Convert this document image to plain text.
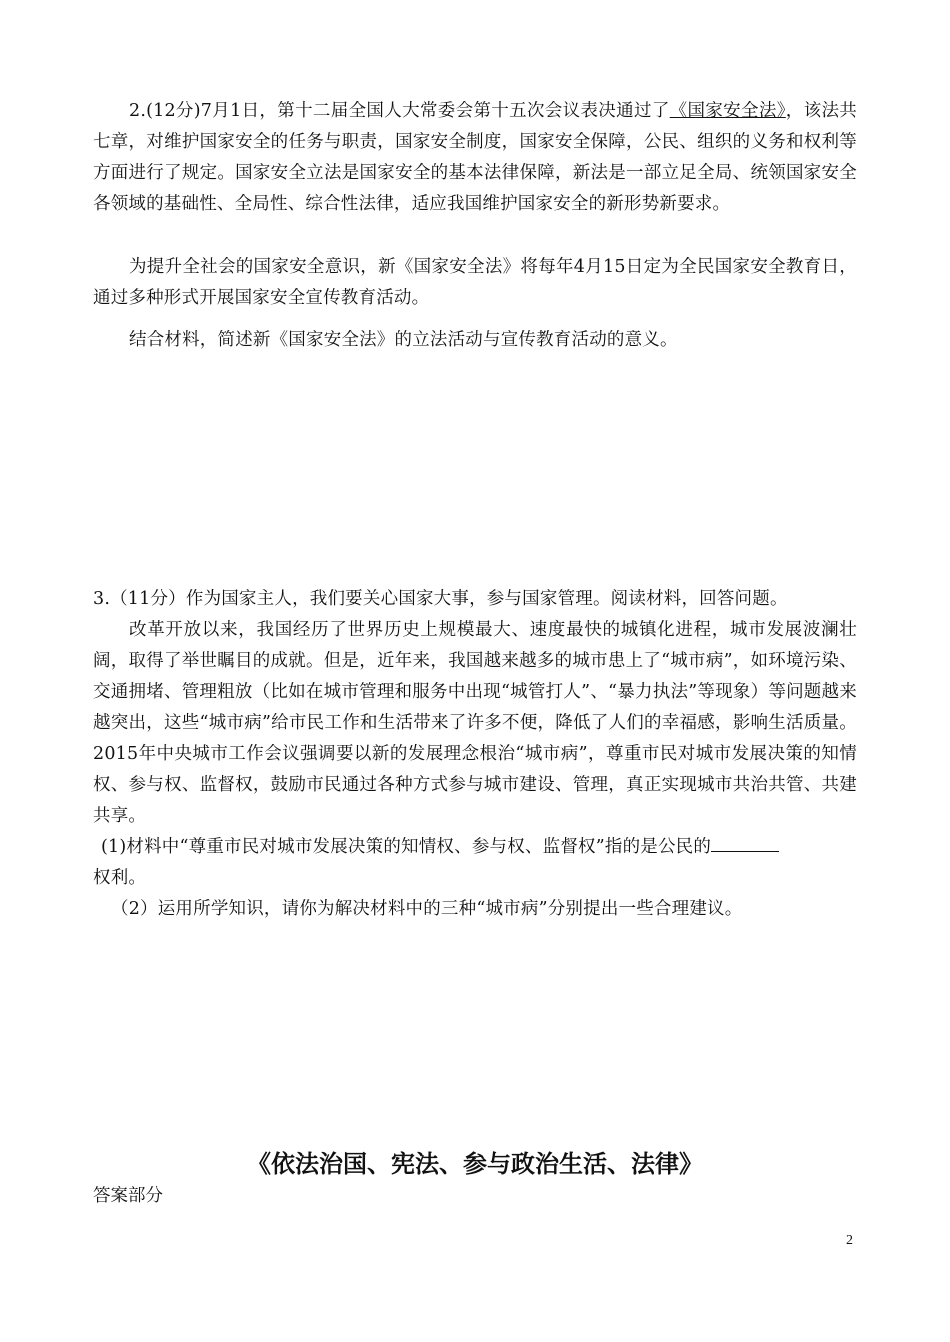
2.(12分)7月1日，第十二届全国人大常委会第十五次会议表决通过了《国家安全法》，该法共七章，对维护国家安全的任务与职责，国家安全制度，国家安全保障，公民、组织的义务和权利等方面进行了规定。国家安全立法是国家安全的基本法律保障，新法是一部立足全局、统领国家安全各领域的基础性、全局性、综合性法律，适应我国维护国家安全的新形势新要求。

为提升全社会的国家安全意识，新《国家安全法》将每年4月15日定为全民国家安全教育日，通过多种形式开展国家安全宣传教育活动。

结合材料，简述新《国家安全法》的立法活动与宣传教育活动的意义。

3.（11分）作为国家主人，我们要关心国家大事，参与国家管理。阅读材料，回答问题。

改革开放以来，我国经历了世界历史上规模最大、速度最快的城镇化进程，城市发展波澜壮阔，取得了举世瞩目的成就。但是，近年来，我国越来越多的城市患上了“城市病”，如环境污染、交通拥堵、管理粗放（比如在城市管理和服务中出现“城管打人”、“暴力执法”等现象）等问题越来越突出，这些“城市病”给市民工作和生活带来了许多不便，降低了人们的幸福感，影响生活质量。2015年中央城市工作会议强调要以新的发展理念根治“城市病”，尊重市民对城市发展决策的知情权、参与权、监督权，鼓励市民通过各种方式参与城市建设、管理，真正实现城市共治共管、共建共享。

(1)材料中“尊重市民对城市发展决策的知情权、参与权、监督权”指的是公民的

权利。

（2）运用所学知识，请你为解决材料中的三种“城市病”分别提出一些合理建议。

《依法治国、宪法、参与政治生活、法律》
答案部分
2
